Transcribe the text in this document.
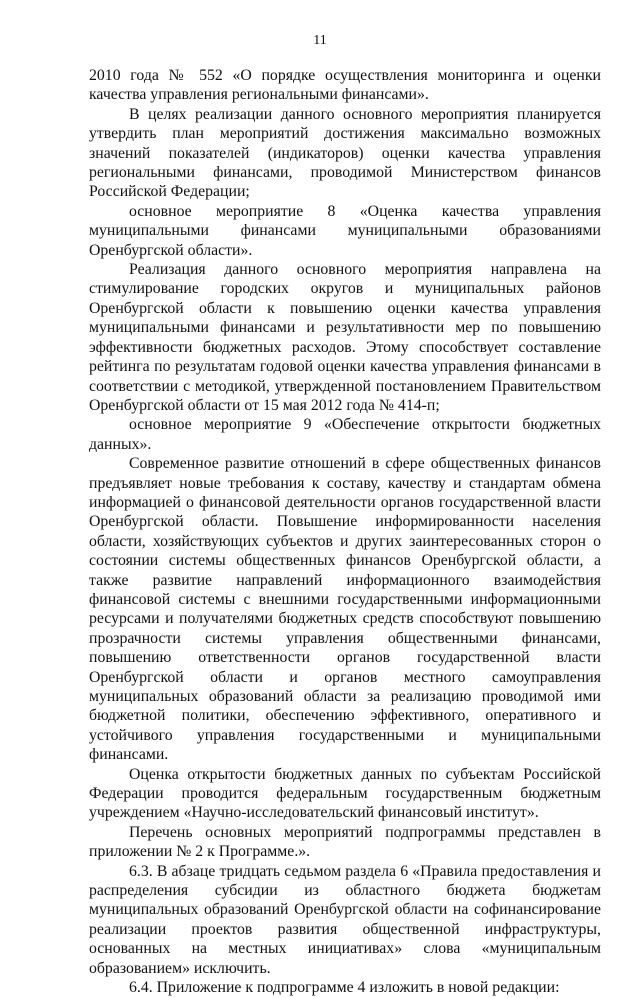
11

2010 года № 552 «О порядке осуществления мониторинга и оценки качества управления региональными финансами».

В целях реализации данного основного мероприятия планируется утвердить план мероприятий достижения максимально возможных значений показателей (индикаторов) оценки качества управления региональными финансами, проводимой Министерством финансов Российской Федерации;

основное мероприятие 8 «Оценка качества управления муниципальными финансами муниципальными образованиями Оренбургской области».

Реализация данного основного мероприятия направлена на стимулирование городских округов и муниципальных районов Оренбургской области к повышению оценки качества управления муниципальными финансами и результативности мер по повышению эффективности бюджетных расходов. Этому способствует составление рейтинга по результатам годовой оценки качества управления финансами в соответствии с методикой, утвержденной постановлением Правительством Оренбургской области от 15 мая 2012 года № 414-п;

основное мероприятие 9 «Обеспечение открытости бюджетных данных».

Современное развитие отношений в сфере общественных финансов предъявляет новые требования к составу, качеству и стандартам обмена информацией о финансовой деятельности органов государственной власти Оренбургской области. Повышение информированности населения области, хозяйствующих субъектов и других заинтересованных сторон о состоянии системы общественных финансов Оренбургской области, а также развитие направлений информационного взаимодействия финансовой системы с внешними государственными информационными ресурсами и получателями бюджетных средств способствуют повышению прозрачности системы управления общественными финансами, повышению ответственности органов государственной власти Оренбургской области и органов местного самоуправления муниципальных образований области за реализацию проводимой ими бюджетной политики, обеспечению эффективного, оперативного и устойчивого управления государственными и муниципальными финансами.

Оценка открытости бюджетных данных по субъектам Российской Федерации проводится федеральным государственным бюджетным учреждением «Научно-исследовательский финансовый институт».

Перечень основных мероприятий подпрограммы представлен в приложении № 2 к Программе.».

6.3. В абзаце тридцать седьмом раздела 6 «Правила предоставления и распределения субсидии из областного бюджета бюджетам муниципальных образований Оренбургской области на софинансирование реализации проектов развития общественной инфраструктуры, основанных на местных инициативах» слова «муниципальным образованием» исключить.

6.4. Приложение к подпрограмме 4 изложить в новой редакции:
